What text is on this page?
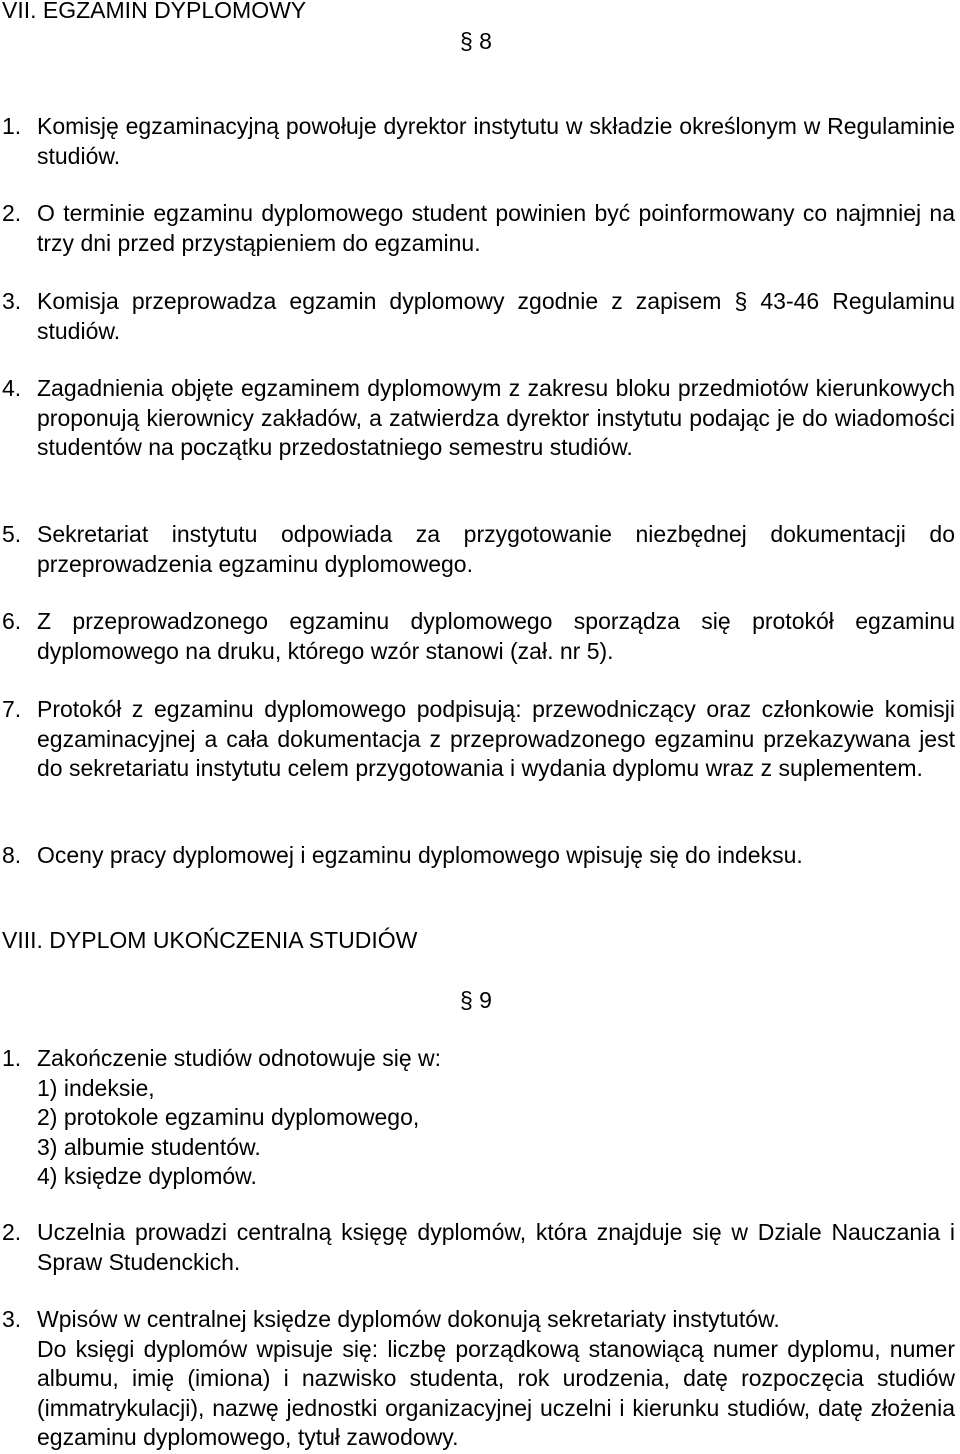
VII. EGZAMIN DYPLOMOWY
§ 8
1. Komisję egzaminacyjną powołuje dyrektor instytutu w składzie określonym w Regulaminie studiów.
2. O terminie egzaminu dyplomowego student powinien być poinformowany co najmniej na trzy dni przed przystąpieniem do egzaminu.
3. Komisja przeprowadza egzamin dyplomowy zgodnie z zapisem § 43-46 Regulaminu studiów.
4. Zagadnienia objęte egzaminem dyplomowym z zakresu bloku przedmiotów kierunkowych proponują kierownicy zakładów, a zatwierdza dyrektor instytutu podając je do wiadomości studentów na początku przedostatniego semestru studiów.
5. Sekretariat instytutu odpowiada za przygotowanie niezbędnej dokumentacji do przeprowadzenia egzaminu dyplomowego.
6. Z przeprowadzonego egzaminu dyplomowego sporządza się protokół egzaminu dyplomowego na druku, którego wzór stanowi (zał. nr 5).
7. Protokół z egzaminu dyplomowego podpisują: przewodniczący oraz członkowie komisji egzaminacyjnej a cała dokumentacja z przeprowadzonego egzaminu przekazywana jest do sekretariatu instytutu celem przygotowania i wydania dyplomu wraz z suplementem.
8. Oceny pracy dyplomowej i egzaminu dyplomowego wpisuję się do indeksu.
VIII. DYPLOM UKOŃCZENIA STUDIÓW
§ 9
1. Zakończenie studiów odnotowuje się w:
1) indeksie,
2) protokole egzaminu dyplomowego,
3) albumie studentów.
4) księdze dyplomów.
2. Uczelnia prowadzi centralną księgę dyplomów, która znajduje się w Dziale Nauczania i Spraw Studenckich.
3. Wpisów w centralnej księdze dyplomów dokonują sekretariaty instytutów.
Do księgi dyplomów wpisuje się: liczbę porządkową stanowiącą numer dyplomu, numer albumu, imię (imiona) i nazwisko studenta, rok urodzenia, datę rozpoczęcia studiów (immatrykulacji), nazwę jednostki organizacyjnej uczelni i kierunku studiów, datę złożenia egzaminu dyplomowego, tytuł zawodowy.
